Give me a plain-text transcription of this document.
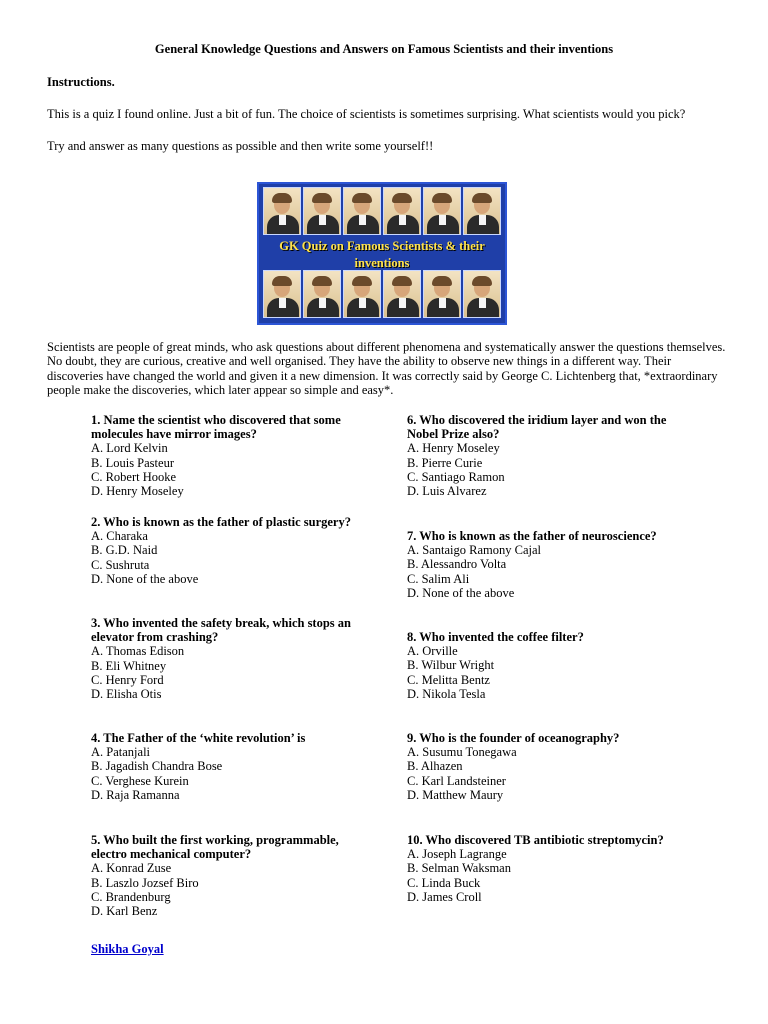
General Knowledge Questions and Answers on Famous Scientists and their inventions
Instructions.
This is a quiz I found online. Just a bit of fun. The choice of scientists is sometimes surprising. What scientists would you pick?
Try and answer as many questions as possible and then write some yourself!!
GK Quiz on Famous Scientists & their
inventions
Scientists are people of great minds, who ask questions about different phenomena and systematically answer the questions themselves. No doubt, they are curious, creative and well organised. They have the ability to observe new things in a different way. Their discoveries have changed the world and given it a new dimension. It was correctly said by George C. Lichtenberg that, *extraordinary people make the discoveries, which later appear so simple and easy*.
1. Name the scientist who discovered that some
molecules have mirror images?
A. Lord Kelvin
B. Louis Pasteur
C. Robert Hooke
D. Henry Moseley
2. Who is known as the father of plastic surgery?
A. Charaka
B. G.D. Naid
C. Sushruta
D. None of the above
3. Who invented the safety break, which stops an
elevator from crashing?
A. Thomas Edison
B. Eli Whitney
C. Henry Ford
D. Elisha Otis
4. The Father of the ‘white revolution’ is
A. Patanjali
B. Jagadish Chandra Bose
C. Verghese Kurein
D. Raja Ramanna
5. Who built the first working, programmable,
electro mechanical computer?
A. Konrad Zuse
B. Laszlo Jozsef Biro
C. Brandenburg
D. Karl Benz
6. Who discovered the iridium layer and won the
Nobel Prize also?
A. Henry Moseley
B. Pierre Curie
C. Santiago Ramon
D. Luis Alvarez
7. Who is known as the father of neuroscience?
A. Santaigo Ramony Cajal
B. Alessandro Volta
C. Salim Ali
D. None of the above
8. Who invented the coffee filter?
A. Orville
B. Wilbur Wright
C. Melitta Bentz
D. Nikola Tesla
9. Who is the founder of oceanography?
A. Susumu Tonegawa
B. Alhazen
C. Karl Landsteiner
D. Matthew Maury
10. Who discovered TB antibiotic streptomycin?
A. Joseph Lagrange
B. Selman Waksman
C. Linda Buck
D. James Croll
Shikha Goyal
